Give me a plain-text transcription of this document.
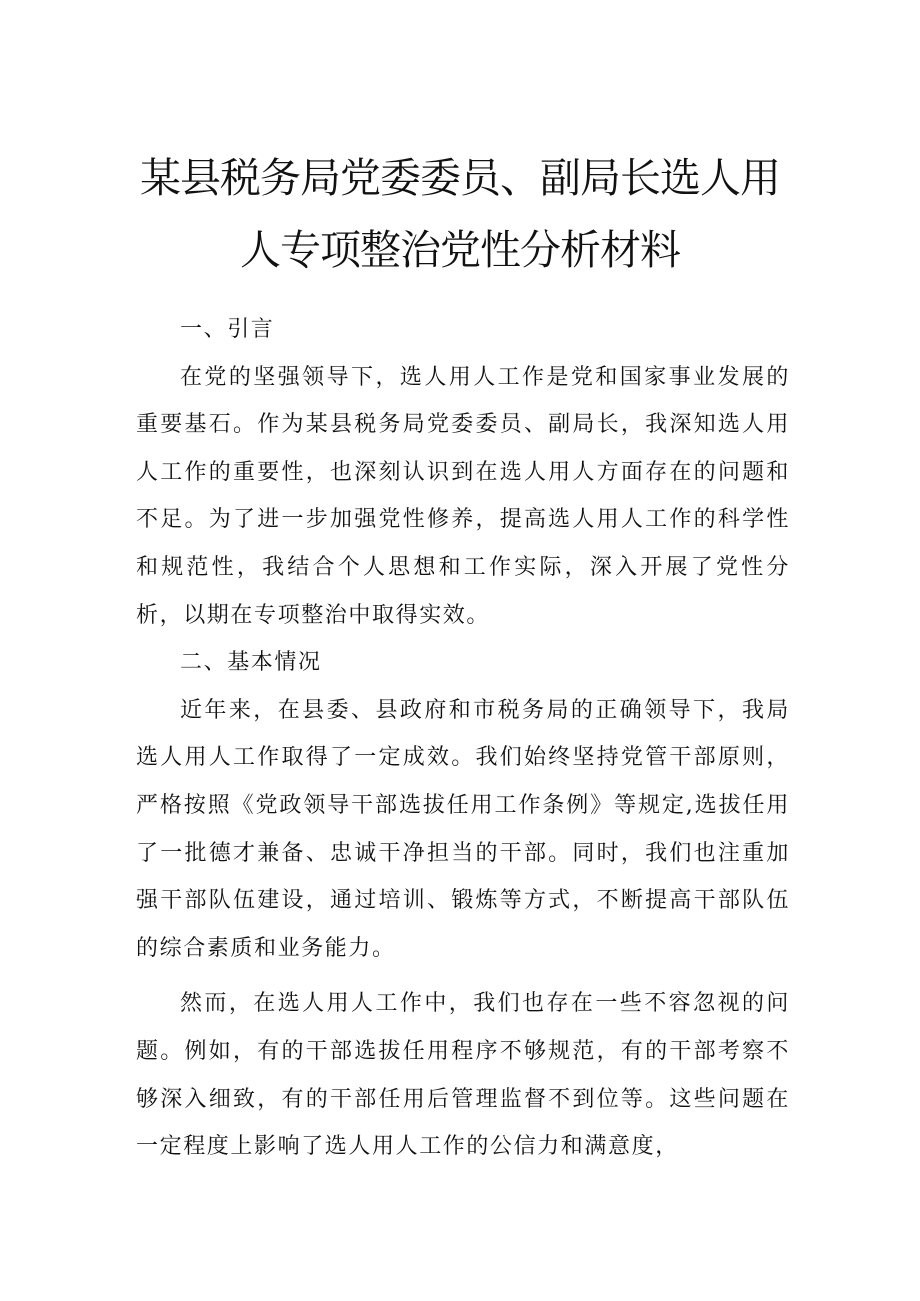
某县税务局党委委员、副局长选人用
人专项整治党性分析材料

一、引言

在党的坚强领导下，选人用人工作是党和国家事业发展的重要基石。作为某县税务局党委委员、副局长，我深知选人用人工作的重要性，也深刻认识到在选人用人方面存在的问题和不足。为了进一步加强党性修养，提高选人用人工作的科学性和规范性，我结合个人思想和工作实际，深入开展了党性分析，以期在专项整治中取得实效。

二、基本情况

近年来，在县委、县政府和市税务局的正确领导下，我局选人用人工作取得了一定成效。我们始终坚持党管干部原则，严格按照《党政领导干部选拔任用工作条例》等规定,选拔任用了一批德才兼备、忠诚干净担当的干部。同时，我们也注重加强干部队伍建设，通过培训、锻炼等方式，不断提高干部队伍的综合素质和业务能力。

然而，在选人用人工作中，我们也存在一些不容忽视的问题。例如，有的干部选拔任用程序不够规范，有的干部考察不够深入细致，有的干部任用后管理监督不到位等。这些问题在一定程度上影响了选人用人工作的公信力和满意度，
